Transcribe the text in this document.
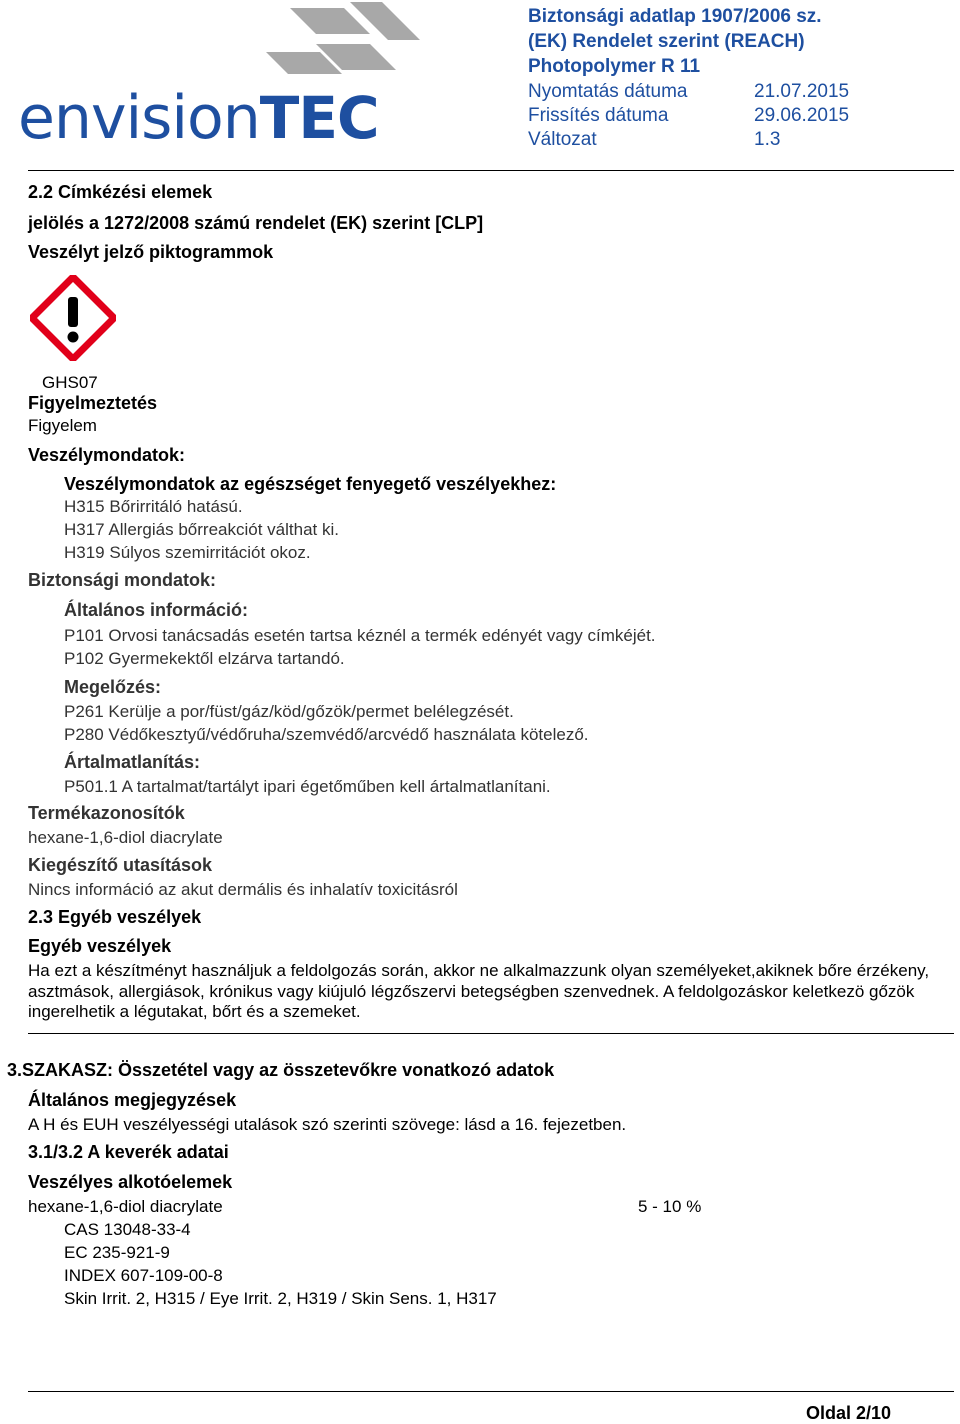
envisionTEC
Biztonsági adatlap 1907/2006 sz.
(EK) Rendelet szerint (REACH)
Photopolymer R 11
Nyomtatás dátuma	21.07.2015
Frissítés dátuma	29.06.2015
Változat	1.3
2.2 Címkézési elemek
jelölés a 1272/2008 számú rendelet (EK) szerint [CLP]
Veszélyt jelző piktogrammok
GHS07
Figyelmeztetés
Figyelem
Veszélymondatok:
Veszélymondatok az egészséget fenyegető veszélyekhez:
H315 Bőrirritáló hatású.
H317 Allergiás bőrreakciót válthat ki.
H319 Súlyos szemirritációt okoz.
Biztonsági mondatok:
Általános információ:
P101 Orvosi tanácsadás esetén tartsa kéznél a termék edényét vagy címkéjét.
P102 Gyermekektől elzárva tartandó.
Megelőzés:
P261 Kerülje a por/füst/gáz/köd/gőzök/permet belélegzését.
P280 Védőkesztyű/védőruha/szemvédő/arcvédő használata kötelező.
Ártalmatlanítás:
P501.1 A tartalmat/tartályt ipari égetőműben kell ártalmatlanítani.
Termékazonosítók
hexane-1,6-diol diacrylate
Kiegészítő utasítások
Nincs információ az akut dermális és inhalatív toxicitásról
2.3 Egyéb veszélyek
Egyéb veszélyek
Ha ezt a készítményt használjuk a feldolgozás során, akkor ne alkalmazzunk olyan személyeket,akiknek bőre érzékeny, asztmások, allergiások, krónikus vagy kiújuló légzőszervi betegségben szenvednek. A feldolgozáskor keletkezö gőzök ingerelhetik a légutakat, bőrt és a szemeket.
3.SZAKASZ: Összetétel vagy az összetevőkre vonatkozó adatok
Általános megjegyzések
A H és EUH veszélyességi utalások szó szerinti szövege: lásd a 16. fejezetben.
3.1/3.2 A keverék adatai
Veszélyes alkotóelemek
hexane-1,6-diol diacrylate	5 - 10 %
CAS 13048-33-4
EC 235-921-9
INDEX 607-109-00-8
Skin Irrit. 2, H315 / Eye Irrit. 2, H319 / Skin Sens. 1, H317
Oldal 2/10
